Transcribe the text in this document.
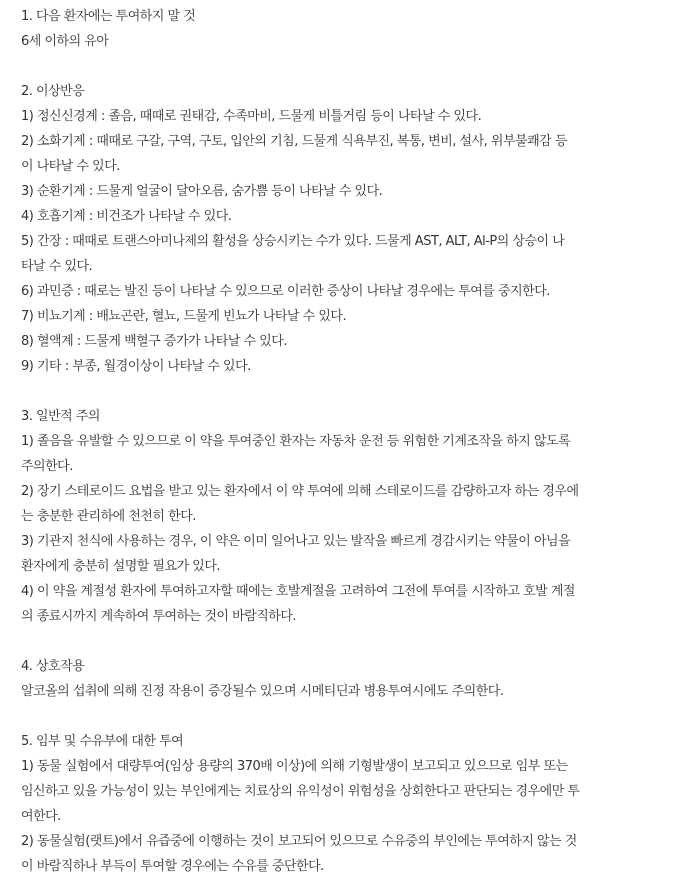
1. 다음 환자에는 투여하지 말 것
6세 이하의 유아
2. 이상반응
1) 정신신경계 : 졸음, 때때로 권태감, 수족마비, 드물게 비틀거림 등이 나타날 수 있다.
2) 소화기계 : 때때로 구갈, 구역, 구토, 입안의 기침, 드물게 식욕부진, 복통, 변비, 설사, 위부불쾌감 등
이 나타날 수 있다.
3) 순환기계 : 드물게 얼굴이 달아오름, 숨가쁨 등이 나타날 수 있다.
4) 호흡기계 : 비건조가 나타날 수 있다.
5) 간장 : 때때로 트랜스아미나제의 활성을 상승시키는 수가 있다. 드물게 AST, ALT, Al-P의 상승이 나
타날 수 있다.
6) 과민증 : 때로는 발진 등이 나타날 수 있으므로 이러한 증상이 나타날 경우에는 투여를 중지한다.
7) 비뇨기계 : 배뇨곤란, 혈뇨, 드물게 빈뇨가 나타날 수 있다.
8) 혈액계 : 드물게 백혈구 증가가 나타날 수 있다.
9) 기타 : 부종, 월경이상이 나타날 수 있다.
3. 일반적 주의
1) 졸음을 유발할 수 있으므로 이 약을 투여중인 환자는 자동차 운전 등 위험한 기계조작을 하지 않도록
주의한다.
2) 장기 스테로이드 요법을 받고 있는 환자에서 이 약 투여에 의해 스테로이드를 감량하고자 하는 경우에
는 충분한 관리하에 천천히 한다.
3) 기관지 천식에 사용하는 경우, 이 약은 이미 일어나고 있는 발작을 빠르게 경감시키는 약물이 아님을
환자에게 충분히 설명할 필요가 있다.
4) 이 약을 계절성 환자에 투여하고자할 때에는 호발계절을 고려하여 그전에 투여를 시작하고 호발 계절
의 종료시까지 계속하여 투여하는 것이 바람직하다.
4. 상호작용
알코올의 섭취에 의해 진정 작용이 증강될수 있으며 시메티딘과 병용투여시에도 주의한다.
5. 임부 및 수유부에 대한 투여
1) 동물 실험에서 대량투여(임상 용량의 370배 이상)에 의해 기형발생이 보고되고 있으므로 임부 또는
임신하고 있을 가능성이 있는 부인에게는 치료상의 유익성이 위험성을 상회한다고 판단되는 경우에만 투
여한다.
2) 동물실험(랫트)에서 유즙중에 이행하는 것이 보고되어 있으므로 수유중의 부인에는 투여하지 않는 것
이 바람직하나 부득이 투여할 경우에는 수유를 중단한다.
